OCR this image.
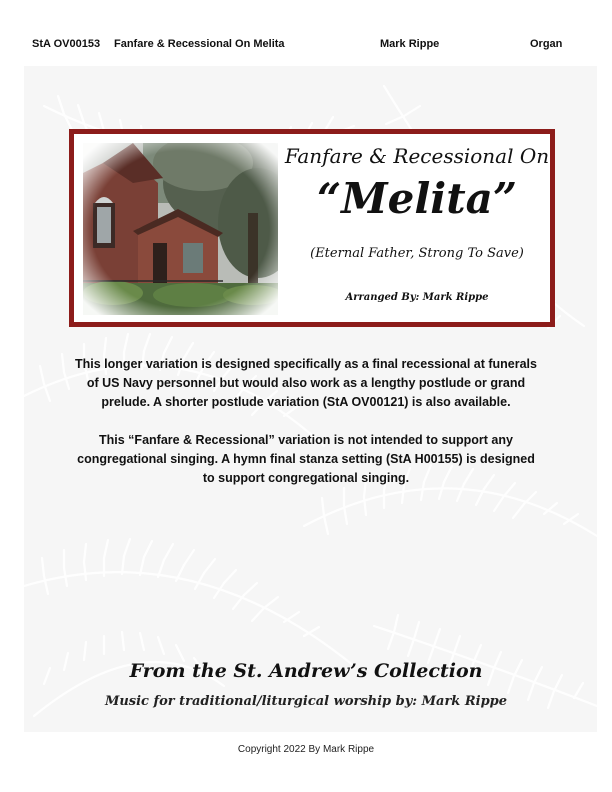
StA OV00153 Fanfare & Recessional On Melita	Mark Rippe	Organ
Fanfare & Recessional On
“Melita”
(Eternal Father, Strong To Save)
Arranged By: Mark Rippe
This longer variation is designed specifically as a final recessional at funerals of US Navy personnel but would also work as a lengthy postlude or grand prelude. A shorter postlude variation (StA OV00121) is also available.
This “Fanfare & Recessional” variation is not intended to support any congregational singing. A hymn final stanza setting (StA H00155) is designed to support congregational singing.
From the St. Andrew’s Collection
Music for traditional/liturgical worship by: Mark Rippe
Copyright 2022 By Mark Rippe
